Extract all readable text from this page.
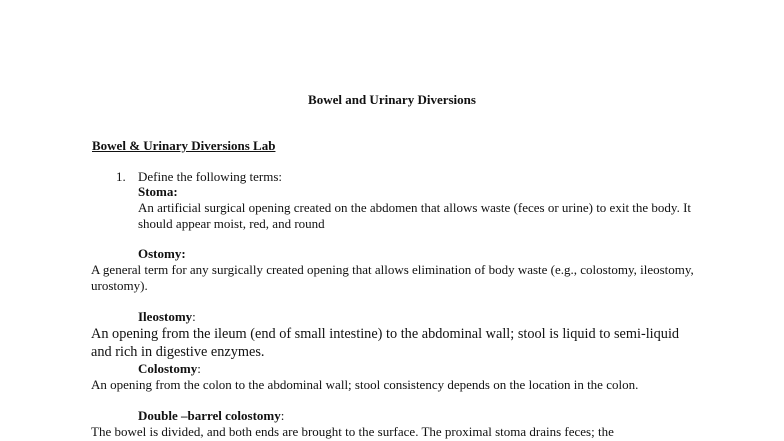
Bowel and Urinary Diversions
Bowel & Urinary Diversions Lab
1. Define the following terms:
Stoma:
An artificial surgical opening created on the abdomen that allows waste (feces or urine) to exit the body. It should appear moist, red, and round
Ostomy:
A general term for any surgically created opening that allows elimination of body waste (e.g., colostomy, ileostomy, urostomy).
Ileostomy:
An opening from the ileum (end of small intestine) to the abdominal wall; stool is liquid to semi-liquid and rich in digestive enzymes.
Colostomy:
An opening from the colon to the abdominal wall; stool consistency depends on the location in the colon.
Double –barrel colostomy:
The bowel is divided, and both ends are brought to the surface. The proximal stoma drains feces; the
